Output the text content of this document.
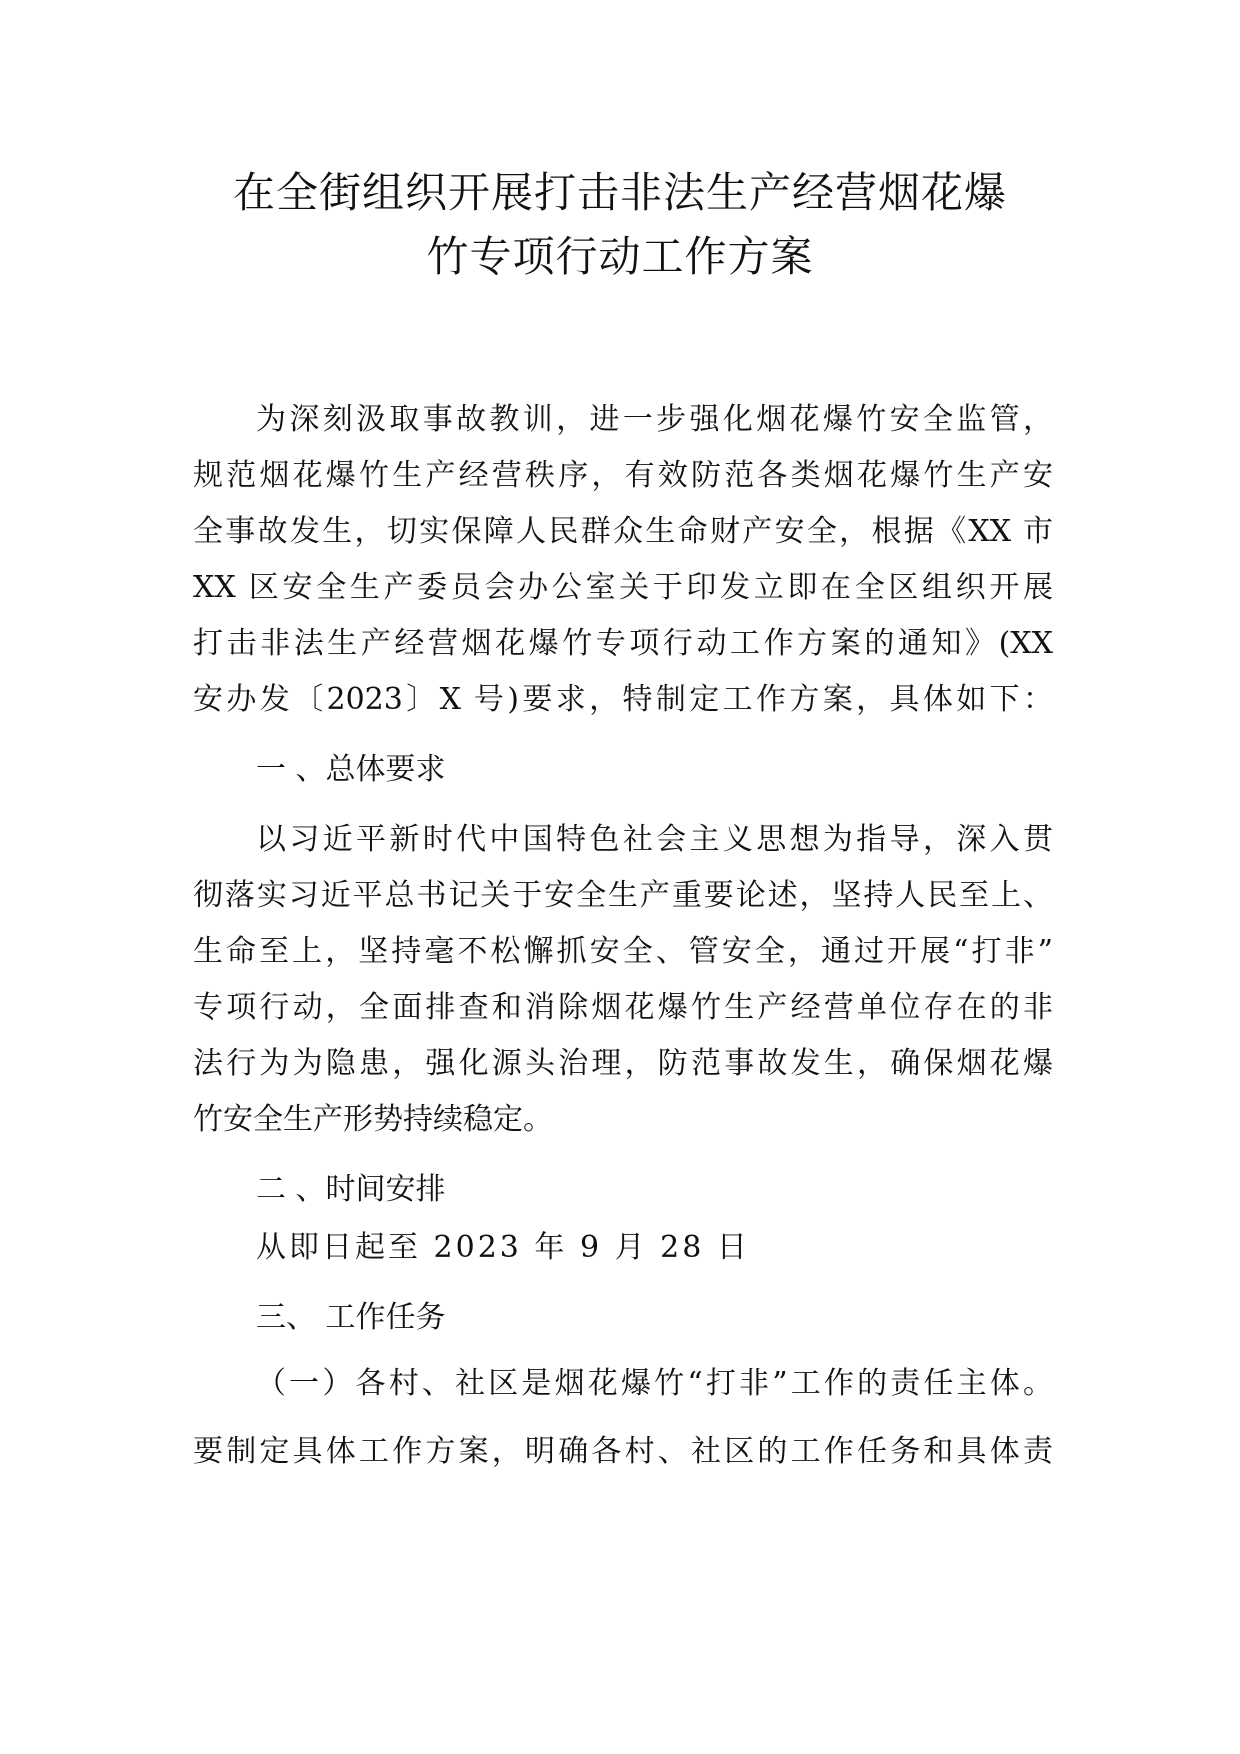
在全街组织开展打击非法生产经营烟花爆
竹专项行动工作方案
为深刻汲取事故教训，进一步强化烟花爆竹安全监管，
规范烟花爆竹生产经营秩序，有效防范各类烟花爆竹生产安
全事故发生，切实保障人民群众生命财产安全，根据《XX 市
XX 区安全生产委员会办公室关于印发立即在全区组织开展
打击非法生产经营烟花爆竹专项行动工作方案的通知》(XX
安办发〔2023〕X 号)要求，特制定工作方案，具体如下：
一 、总体要求
以习近平新时代中国特色社会主义思想为指导，深入贯
彻落实习近平总书记关于安全生产重要论述，坚持人民至上、
生命至上，坚持毫不松懈抓安全、管安全，通过开展“打非”
专项行动，全面排查和消除烟花爆竹生产经营单位存在的非
法行为为隐患，强化源头治理，防范事故发生，确保烟花爆
竹安全生产形势持续稳定。
二 、时间安排
从即日起至 2023 年 9 月 28 日
三、 工作任务
（一）各村、社区是烟花爆竹“打非”工作的责任主体。
要制定具体工作方案，明确各村、社区的工作任务和具体责
